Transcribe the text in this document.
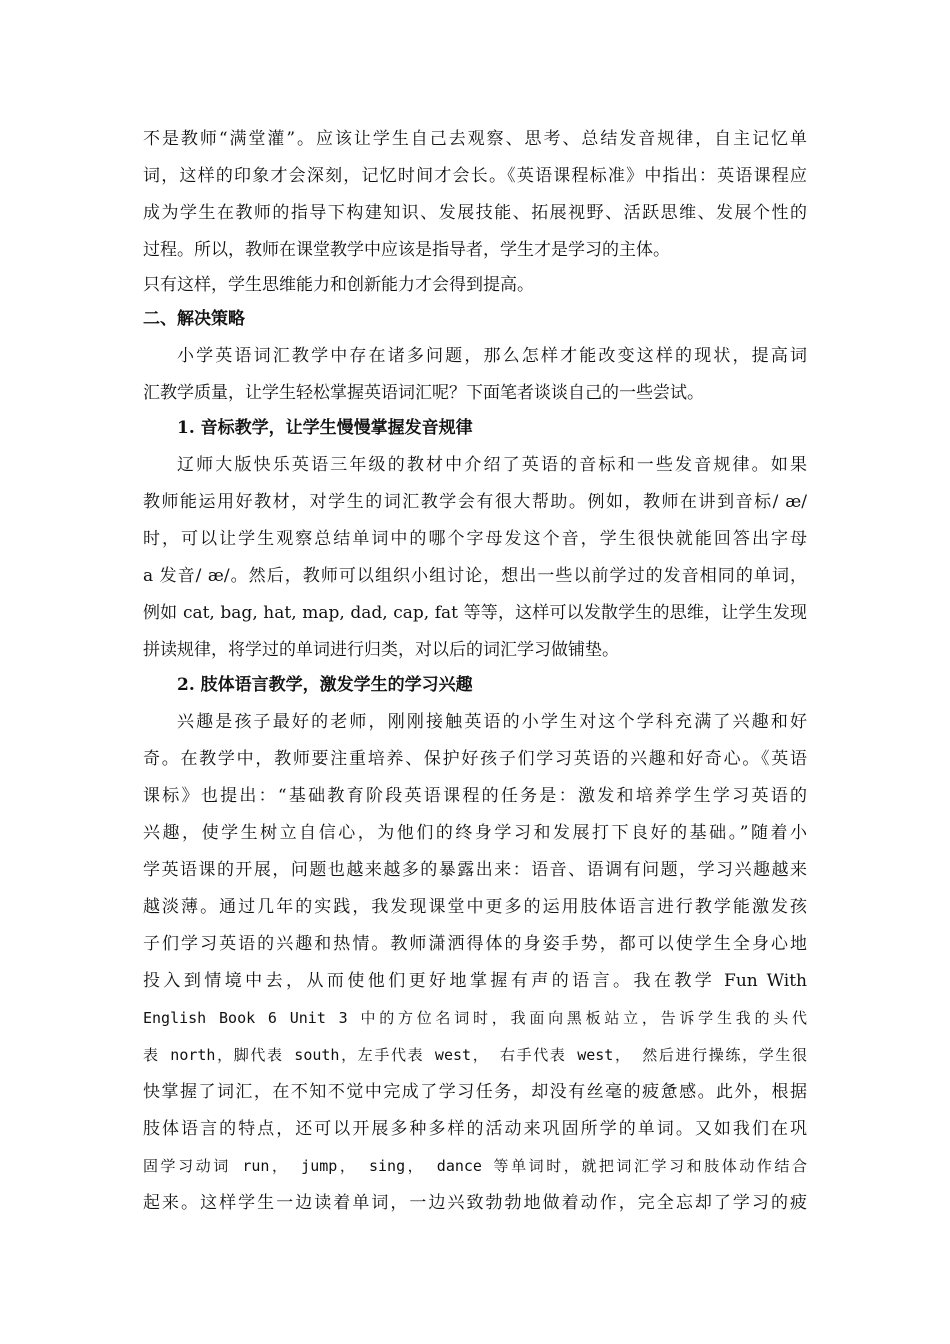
不是教师“满堂灌”。应该让学生自己去观察、思考、总结发音规律，自主记忆单
词，这样的印象才会深刻，记忆时间才会长。《英语课程标准》中指出：英语课程应
成为学生在教师的指导下构建知识、发展技能、拓展视野、活跃思维、发展个性的
过程。所以，教师在课堂教学中应该是指导者，学生才是学习的主体。
只有这样，学生思维能力和创新能力才会得到提高。
二、解决策略
小学英语词汇教学中存在诸多问题，那么怎样才能改变这样的现状，提高词
汇教学质量，让学生轻松掌握英语词汇呢？下面笔者谈谈自己的一些尝试。
1. 音标教学，让学生慢慢掌握发音规律
辽师大版快乐英语三年级的教材中介绍了英语的音标和一些发音规律。如果
教师能运用好教材，对学生的词汇教学会有很大帮助。例如，教师在讲到音标/ æ/
时，可以让学生观察总结单词中的哪个字母发这个音，学生很快就能回答出字母
a 发音/ æ/。然后，教师可以组织小组讨论，想出一些以前学过的发音相同的单词，
例如 cat, bag, hat, map, dad, cap, fat 等等，这样可以发散学生的思维，让学生发现
拼读规律，将学过的单词进行归类，对以后的词汇学习做铺垫。
2. 肢体语言教学，激发学生的学习兴趣
兴趣是孩子最好的老师，刚刚接触英语的小学生对这个学科充满了兴趣和好
奇。在教学中，教师要注重培养、保护好孩子们学习英语的兴趣和好奇心。《英语
课标》也提出：“基础教育阶段英语课程的任务是：激发和培养学生学习英语的
兴趣，使学生树立自信心，为他们的终身学习和发展打下良好的基础。”随着小
学英语课的开展，问题也越来越多的暴露出来：语音、语调有问题，学习兴趣越来
越淡薄。通过几年的实践，我发现课堂中更多的运用肢体语言进行教学能激发孩
子们学习英语的兴趣和热情。教师潇洒得体的身姿手势，都可以使学生全身心地
投入到情境中去，从而使他们更好地掌握有声的语言。我在教学 Fun With
English Book 6 Unit 3 中的方位名词时，我面向黑板站立，告诉学生我的头代
表 north，脚代表 south，左手代表 west， 右手代表 west， 然后进行操练，学生很
快掌握了词汇，在不知不觉中完成了学习任务，却没有丝毫的疲惫感。此外，根据
肢体语言的特点，还可以开展多种多样的活动来巩固所学的单词。又如我们在巩
固学习动词 run， jump， sing， dance 等单词时，就把词汇学习和肢体动作结合
起来。这样学生一边读着单词，一边兴致勃勃地做着动作，完全忘却了学习的疲
